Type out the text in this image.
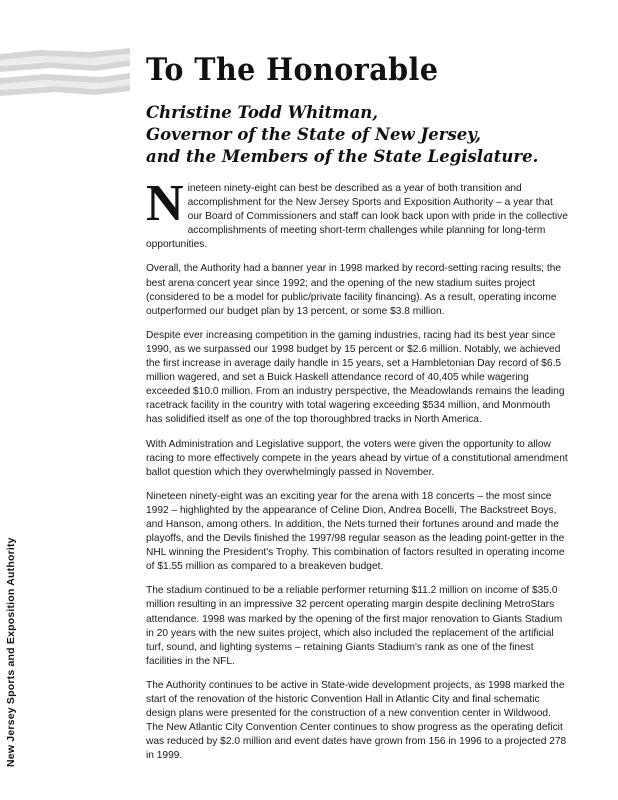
To The Honorable
Christine Todd Whitman,
Governor of the State of New Jersey,
and the Members of the State Legislature.

Nineteen ninety-eight can best be described as a year of both transition and accomplishment for the New Jersey Sports and Exposition Authority – a year that our Board of Commissioners and staff can look back upon with pride in the collective accomplishments of meeting short-term challenges while planning for long-term opportunities.

Overall, the Authority had a banner year in 1998 marked by record-setting racing results; the best arena concert year since 1992; and the opening of the new stadium suites project (considered to be a model for public/private facility financing). As a result, operating income outperformed our budget plan by 13 percent, or some $3.8 million.

Despite ever increasing competition in the gaming industries, racing had its best year since 1990, as we surpassed our 1998 budget by 15 percent or $2.6 million. Notably, we achieved the first increase in average daily handle in 15 years, set a Hambletonian Day record of $6.5 million wagered, and set a Buick Haskell attendance record of 40,405 while wagering exceeded $10.0 million. From an industry perspective, the Meadowlands remains the leading racetrack facility in the country with total wagering exceeding $534 million, and Monmouth has solidified itself as one of the top thoroughbred tracks in North America.

With Administration and Legislative support, the voters were given the opportunity to allow racing to more effectively compete in the years ahead by virtue of a constitutional amendment ballot question which they overwhelmingly passed in November.

Nineteen ninety-eight was an exciting year for the arena with 18 concerts – the most since 1992 – highlighted by the appearance of Celine Dion, Andrea Bocelli, The Backstreet Boys, and Hanson, among others. In addition, the Nets turned their fortunes around and made the playoffs, and the Devils finished the 1997/98 regular season as the leading point-getter in the NHL winning the President's Trophy. This combination of factors resulted in operating income of $1.55 million as compared to a breakeven budget.

The stadium continued to be a reliable performer returning $11.2 million on income of $35.0 million resulting in an impressive 32 percent operating margin despite declining MetroStars attendance. 1998 was marked by the opening of the first major renovation to Giants Stadium in 20 years with the new suites project, which also included the replacement of the artificial turf, sound, and lighting systems – retaining Giants Stadium's rank as one of the finest facilities in the NFL.

The Authority continues to be active in State-wide development projects, as 1998 marked the start of the renovation of the historic Convention Hall in Atlantic City and final schematic design plans were presented for the construction of a new convention center in Wildwood. The New Atlantic City Convention Center continues to show progress as the operating deficit was reduced by $2.0 million and event dates have grown from 156 in 1996 to a projected 278 in 1999.

New Jersey Sports and Exposition Authority
